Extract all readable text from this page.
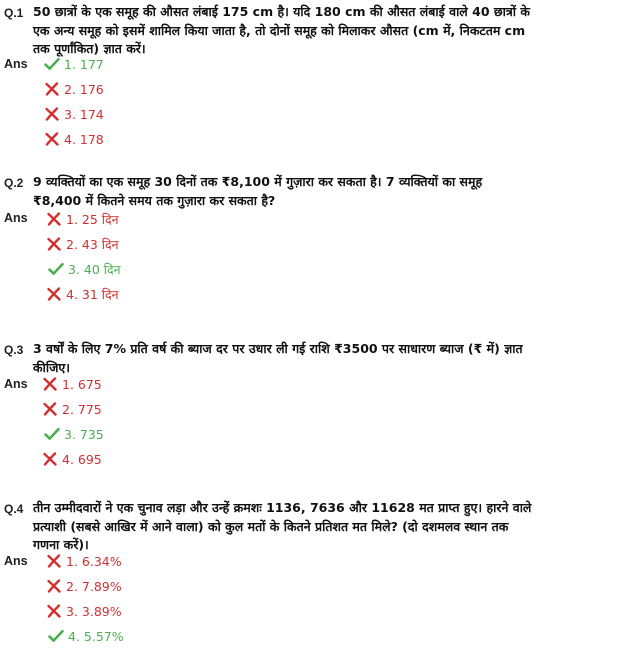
Q.1 50 छात्रों के एक समूह की औसत लंबाई 175 cm है। यदि 180 cm की औसत लंबाई वाले 40 छात्रों के एक अन्य समूह को इसमें शामिल किया जाता है, तो दोनों समूह को मिलाकर औसत (cm में, निकटतम cm तक पूर्णांकित) ज्ञात करें।
Ans	1. 177
2. 176
3. 174
4. 178
Q.2 9 व्यक्तियों का एक समूह 30 दिनों तक ₹8,100 में गुज़ारा कर सकता है। 7 व्यक्तियों का समूह ₹8,400 में कितने समय तक गुज़ारा कर सकता है?
Ans	1. 25 दिन
2. 43 दिन
3. 40 दिन
4. 31 दिन
Q.3 3 वर्षों के लिए 7% प्रति वर्ष की ब्याज दर पर उधार ली गई राशि ₹3500 पर साधारण ब्याज (₹ में) ज्ञात कीजिए।
Ans	1. 675
2. 775
3. 735
4. 695
Q.4 तीन उम्मीदवारों ने एक चुनाव लड़ा और उन्हें क्रमशः 1136, 7636 और 11628 मत प्राप्त हुए। हारने वाले प्रत्याशी (सबसे आखिर में आने वाला) को कुल मतों के कितने प्रतिशत मत मिले? (दो दशमलव स्थान तक गणना करें)।
Ans	1. 6.34%
2. 7.89%
3. 3.89%
4. 5.57%
